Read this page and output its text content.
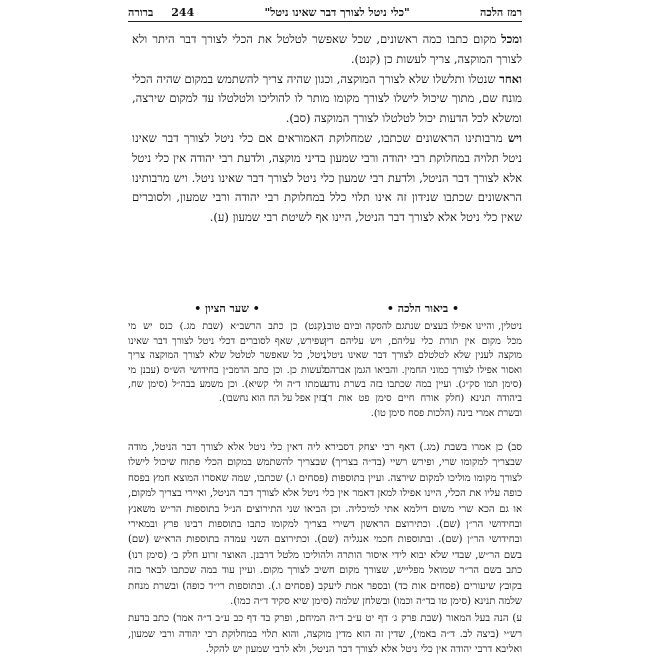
רמז הלכה
"כלי ניטל לצורך דבר שאינו ניטל"
ברורה 244

ומכל מקום כתבו כמה ראשונים, שכל שאפשר לטלטל את הכלי לצורך דבר היתר ולא לצורך המוקצה, צריך לעשות כן (קנט).

ואחר שנטלו ותלשלו שלא לצורך המוקצה, וכגון שהיה צריך להשתמש במקום שהיה הכלי מונח שם, מתוך שיכול לישלו לצורך מקומו מותר לו להוליכו ולטלטלו עד למקום שירצה, ומשלא לכל הדעות יכול לטלטלו לצורך המוקצה (סב).

ויש מרבותינו הראשונים שכתבו, שמחלוקת האמוראים אם כלי ניטל לצורך דבר שאינו ניטל תלויה במחלוקת רבי יהודה ורבי שמעון בדיני מוקצה, ולדעת רבי יהודה אין כלי ניטל אלא לצורך דבר הניטל, ולדעת רבי שמעון כלי ניטל לצורך דבר שאינו ניטל. ויש מרבותינו הראשונים שכתבו שנידון זה אינו תלוי כלל במחלוקת רבי יהודה ורבי שמעון, ולסוברים שאין כלי ניטל אלא לצורך דבר הניטל, היינו אף לשיטת רבי שמעון (ע).

• ביאור הלכה •

ניטלין, והיינו אפילו בעצים שנתגם להסקה וביום טוב. מכל מקום אין תורת כלי עליהם, ויש עליהם דין מוקצה לענין שלא לטלטלם לצורך דבר שאינו ניטל, ואסור אפילו לצורך כמוני החמין. והביאו הגמן אברהם (סימן תמו סק״ג). ועיין במה שכתבו בזה בשרת נודע ביהודה תנינא (חלק אורח חיים סימן פט אות ד) ובשרת אמרי בינה (הלכות פסח סימן טו).

• שער הציון •

(קנט) כן כתב הרשב״א (שבת מג.) כנס יש מי שפירש, שאף לסוברים דכלי ניטל לצורך דבר שאינו ניטל, כל שאפשר לטלטל שלא לצורך המוקצה צריך לעשות כן. וכן כתב הרמב״ן בחידושי הש״ס (עבנן מי שמתו ד״ה ולי קשיא). וכן משמע בבה״ל (סימן שח, בזין אפל על הח הוא נחשבו).

סב) כן אמרו בשבת (מג.) דאף רבי יצחק דסבירא ליה דאין כלי ניטל אלא לצורך דבר הניטל, מודה שבצריך למקומו שרי, ופירש רשיי (בד״ה בצריך) שבצריך להשתמש במקום הכלי פתוח שיכול לישלו לצורך מקומו מוליכו למקום שירצה. ועיין בתוספות (פסחים ו.) שכתבו, שמה שאסרו המוצא חמץ בפסח כופה עליו את הכלי, היינו אפילו למאן דאמר אין כלי ניטל אלא לצורך דבר הניטל, ואיירי בצריך למקום, או גם הכא שרי משום דילמא אתי למיכליה. וכן הביאו שני התירוצים הנ״ל בתוספות הר״ש משאנץ ובחידושי הר״ן (שם). וכתירוצם הראשון דשירי בצריך למקומו כתבו בתוספות רבינו פרץ ובמאירי ובחידושי הר״ן (שם). ובתוספות חכמי אנגליה (שם). וכתירוצם השני עמדה בתוספות הרא״ש (שם) בשם הר״ש, שבדי שלא יבוא לידי איסור הותרה ולהוליכו מלטל דרבנן. האוצר זרוע חלק ב׳ (סימן רנו) כתב בשם הר״ר שמואל מפלייש, שצורך מקום חשיב לצורך מקום. ועיין עוד במה שכתבו לבאר בזה בקובץ שיעורים (פסחים אות כד) ובספר אמת ליעקב (פסחים ו.). ובתוספות רי״ד כופה) ובשרת מנחת שלמה תנינא (סימן טו בד״ה וכמו) ובשלחן שלמה (סימן שיא סקיד ד״ה כמו).

ע) הנה בעל המאור (שבת פרק ג׳ דף יט ע״ב ד״ה המיחם, ופרק בד דף כב ע״ב ד״ה אמר) כתב בדעת רש״י (ביצה לב. ד״ה באמי), שדין זה הוא מדין מוקצה, והוא תלוי במחלוקת רבי יהודה ורבי שמעון, ואליבא דרבי יהודה אין כלי ניטל אלא לצורך דבר הניטל, ולא לרבי שמעון יש להקל.
